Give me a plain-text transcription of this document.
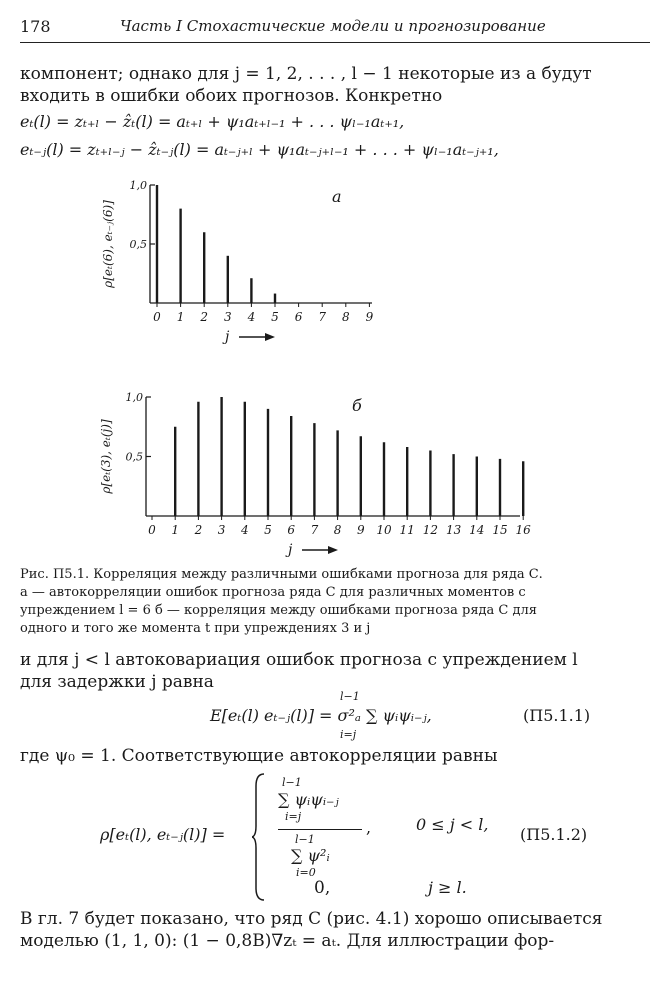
178	Часть I Стохастические модели и прогнозирование
компонент; однако для j = 1, 2, . . . , l − 1 некоторые из a будут
входить в ошибки обоих прогнозов. Конкретно
eₜ(l) = zₜ₊ₗ − ẑₜ(l) = aₜ₊ₗ + ψ₁aₜ₊ₗ₋₁ + . . . ψₗ₋₁aₜ₊₁,
eₜ₋ⱼ(l) = zₜ₊ₗ₋ⱼ − ẑₜ₋ⱼ(l) = aₜ₋ⱼ₊ₗ + ψ₁aₜ₋ⱼ₊ₗ₋₁ + . . . + ψₗ₋₁aₜ₋ⱼ₊₁,
1,0
0,5
0 1 2 3 4 5 6 7 8 9
а
ρ[eₜ(6), eₜ₋ⱼ(6)]
j
1,0
0,5
0 1 2 3 4 5 6 7 8 9 10 11 12 13 14 15 16
б
ρ[eₜ(3), eₜ(j)]
j
Рис. П5.1. Корреляция между различными ошибками прогноза для ряда С.
а — автокорреляции ошибок прогноза ряда С для различных моментов с
упреждением l = 6 б — корреляция между ошибками прогноза ряда С для
одного и того же момента t при упреждениях 3 и j
и для j < l автоковариация ошибок прогноза с упреждением l
для задержки j равна
l−1
E[eₜ(l) eₜ₋ⱼ(l)] = σ²ₐ ∑ ψᵢψᵢ₋ⱼ,
i=j
(П5.1.1)
где ψ₀ = 1. Соответствующие автокорреляции равны
ρ[eₜ(l), eₜ₋ⱼ(l)] =
l−1
∑ ψᵢψᵢ₋ⱼ
i=j
l−1
∑ ψ²ᵢ
i=0
,	0 ≤ j < l,
(П5.1.2)
0,	j ≥ l.
В гл. 7 будет показано, что ряд С (рис. 4.1) хорошо описывается
моделью (1, 1, 0): (1 − 0,8B)∇zₜ = aₜ. Для иллюстрации фор-
